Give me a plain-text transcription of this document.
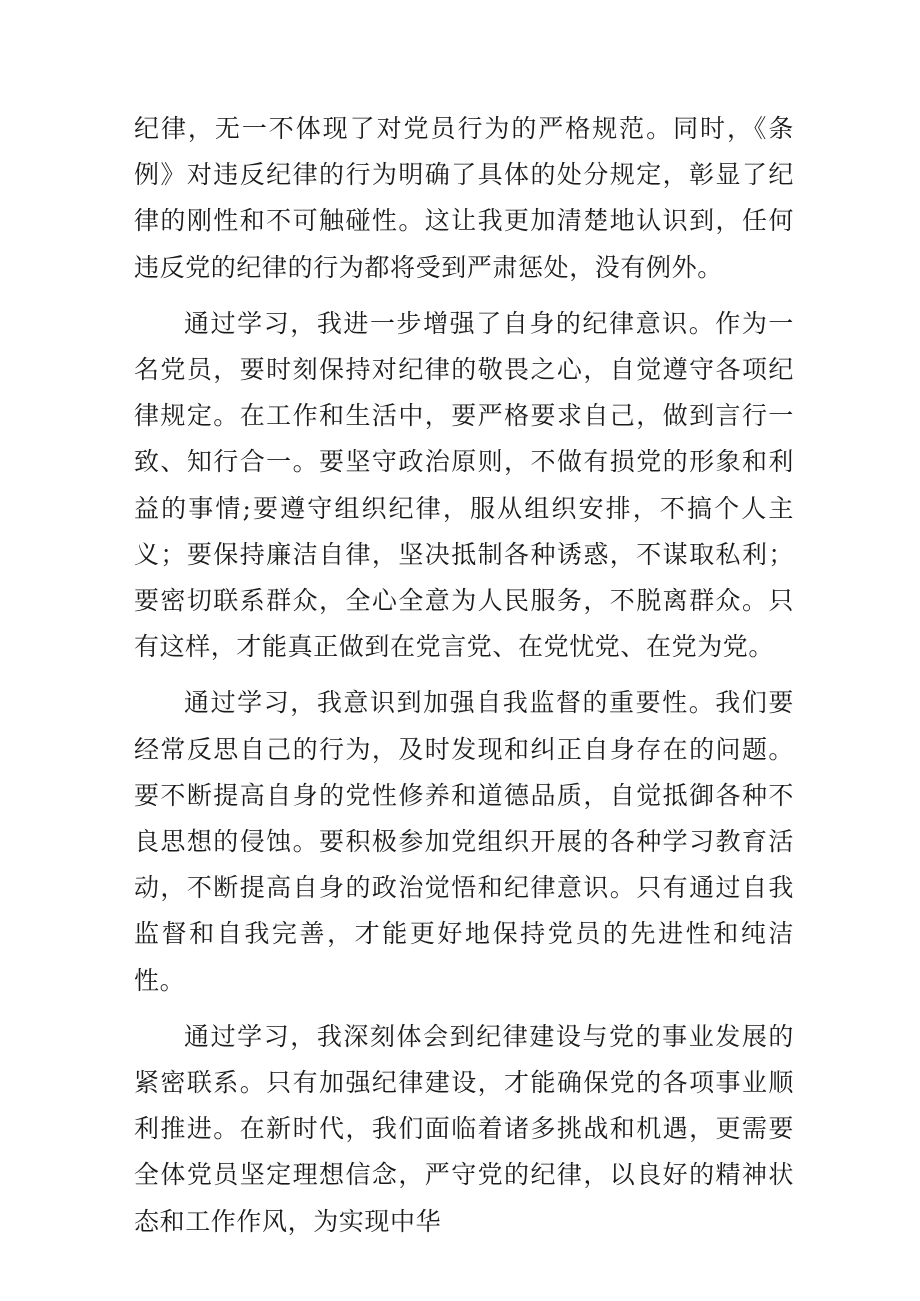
纪律，无一不体现了对党员行为的严格规范。同时，《条例》对违反纪律的行为明确了具体的处分规定，彰显了纪律的刚性和不可触碰性。这让我更加清楚地认识到，任何违反党的纪律的行为都将受到严肃惩处，没有例外。

通过学习，我进一步增强了自身的纪律意识。作为一名党员，要时刻保持对纪律的敬畏之心，自觉遵守各项纪律规定。在工作和生活中，要严格要求自己，做到言行一致、知行合一。要坚守政治原则，不做有损党的形象和利益的事情;要遵守组织纪律，服从组织安排，不搞个人主义；要保持廉洁自律，坚决抵制各种诱惑，不谋取私利；要密切联系群众，全心全意为人民服务，不脱离群众。只有这样，才能真正做到在党言党、在党忧党、在党为党。

通过学习，我意识到加强自我监督的重要性。我们要经常反思自己的行为，及时发现和纠正自身存在的问题。要不断提高自身的党性修养和道德品质，自觉抵御各种不良思想的侵蚀。要积极参加党组织开展的各种学习教育活动，不断提高自身的政治觉悟和纪律意识。只有通过自我监督和自我完善，才能更好地保持党员的先进性和纯洁性。

通过学习，我深刻体会到纪律建设与党的事业发展的紧密联系。只有加强纪律建设，才能确保党的各项事业顺利推进。在新时代，我们面临着诸多挑战和机遇，更需要全体党员坚定理想信念，严守党的纪律，以良好的精神状态和工作作风，为实现中华
